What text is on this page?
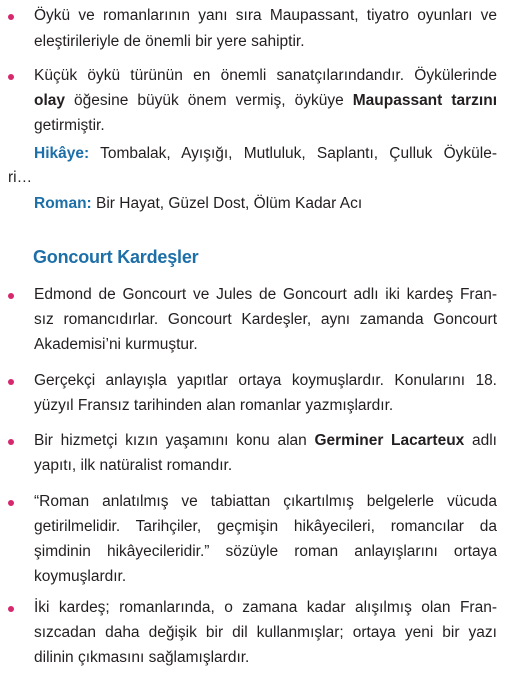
Öykü ve romanlarının yanı sıra Maupassant, tiyatro oyunları ve
eleştirileriyle de önemli bir yere sahiptir.
Küçük öykü türünün en önemli sanatçılarındandır. Öykülerinde
olay öğesine büyük önem vermiş, öyküye Maupassant tarzını
getirmiştir.
Hikâye: Tombalak, Ayışığı, Mutluluk, Saplantı, Çulluk Öyküle-
ri…
Roman: Bir Hayat, Güzel Dost, Ölüm Kadar Acı
Goncourt Kardeşler
Edmond de Goncourt ve Jules de Goncourt adlı iki kardeş Fran-
sız romancıdırlar. Goncourt Kardeşler, aynı zamanda Goncourt
Akademisi’ni kurmuştur.
Gerçekçi anlayışla yapıtlar ortaya koymuşlardır. Konularını 18.
yüzyıl Fransız tarihinden alan romanlar yazmışlardır.
Bir hizmetçi kızın yaşamını konu alan Germiner Lacarteux adlı
yapıtı, ilk natüralist romandır.
“Roman anlatılmış ve tabiattan çıkartılmış belgelerle vücuda
getirilmelidir. Tarihçiler, geçmişin hikâyecileri, romancılar da
şimdinin hikâyecileridir.” sözüyle roman anlayışlarını ortaya
koymuşlardır.
İki kardeş; romanlarında, o zamana kadar alışılmış olan Fran-
sızcadan daha değişik bir dil kullanmışlar; ortaya yeni bir yazı
dilinin çıkmasını sağlamışlardır.
